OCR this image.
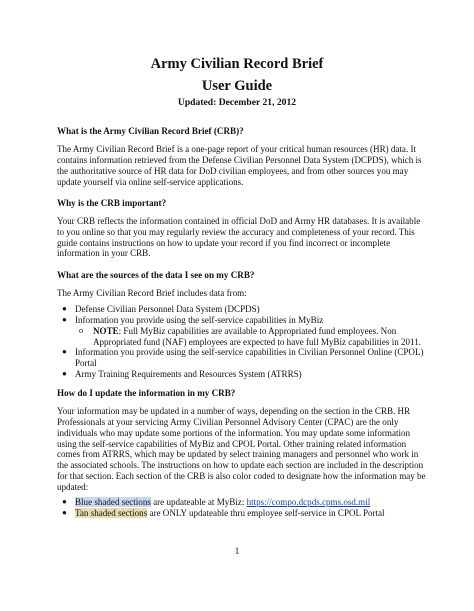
Army Civilian Record Brief
User Guide
Updated: December 21, 2012
What is the Army Civilian Record Brief (CRB)?

The Army Civilian Record Brief is a one-page report of your critical human resources (HR) data. It contains information retrieved from the Defense Civilian Personnel Data System (DCPDS), which is the authoritative source of HR data for DoD civilian employees, and from other sources you may update yourself via online self-service applications.

Why is the CRB important?

Your CRB reflects the information contained in official DoD and Army HR databases. It is available to you online so that you may regularly review the accuracy and completeness of your record. This guide contains instructions on how to update your record if you find incorrect or incomplete information in your CRB.

What are the sources of the data I see on my CRB?

The Army Civilian Record Brief includes data from:

● Defense Civilian Personnel Data System (DCPDS)
● Information you provide using the self-service capabilities in MyBiz
o NOTE: Full MyBiz capabilities are available to Appropriated fund employees. Non Appropriated fund (NAF) employees are expected to have full MyBiz capabilities in 2011.
● Information you provide using the self-service capabilities in Civilian Personnel Online (CPOL) Portal
● Army Training Requirements and Resources System (ATRRS)
How do I update the information in my CRB?

Your information may be updated in a number of ways, depending on the section in the CRB. HR Professionals at your servicing Army Civilian Personnel Advisory Center (CPAC) are the only individuals who may update some portions of the information. You may update some information using the self-service capabilities of MyBiz and CPOL Portal. Other training related information comes from ATRRS, which may be updated by select training managers and personnel who work in the associated schools. The instructions on how to update each section are included in the description for that section. Each section of the CRB is also color coded to designate how the information may be updated:

● Blue shaded sections are updateable at MyBiz: https://compo.dcpds.cpms.osd.mil
● Tan shaded sections are ONLY updateable thru employee self-service in CPOL Portal
1
